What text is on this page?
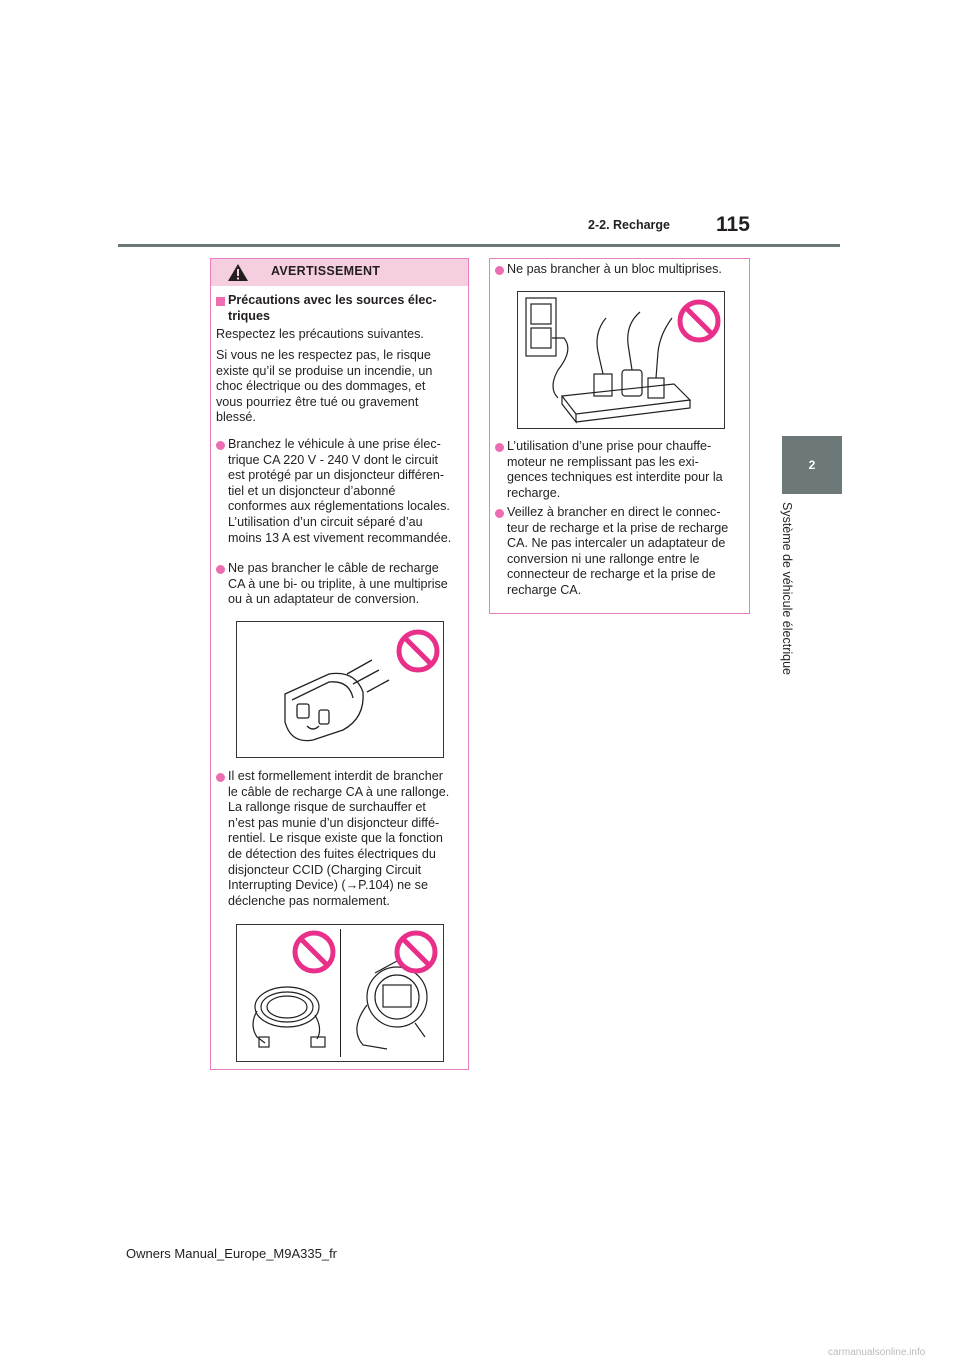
2-2. Recharge 115
2
Système de véhicule électrique
AVERTISSEMENT
Précautions avec les sources élec-
triques
Respectez les précautions suivantes.
Si vous ne les respectez pas, le risque
existe qu’il se produise un incendie, un
choc électrique ou des dommages, et
vous pourriez être tué ou gravement
blessé.
Branchez le véhicule à une prise élec-
trique CA 220 V - 240 V dont le circuit
est protégé par un disjoncteur différen-
tiel et un disjoncteur d’abonné
conformes aux réglementations locales.
L’utilisation d’un circuit séparé d’au
moins 13 A est vivement recommandée.
Ne pas brancher le câble de recharge
CA à une bi- ou triplite, à une multiprise
ou à un adaptateur de conversion.
Il est formellement interdit de brancher
le câble de recharge CA à une rallonge.
La rallonge risque de surchauffer et
n’est pas munie d’un disjoncteur diffé-
rentiel. Le risque existe que la fonction
de détection des fuites électriques du
disjoncteur CCID (Charging Circuit
Interrupting Device) (→P.104) ne se
déclenche pas normalement.
Ne pas brancher à un bloc multiprises.
L’utilisation d’une prise pour chauffe-
moteur ne remplissant pas les exi-
gences techniques est interdite pour la
recharge.
Veillez à brancher en direct le connec-
teur de recharge et la prise de recharge
CA. Ne pas intercaler un adaptateur de
conversion ni une rallonge entre le
connecteur de recharge et la prise de
recharge CA.
Owners Manual_Europe_M9A335_fr
carmanualsonline.info
